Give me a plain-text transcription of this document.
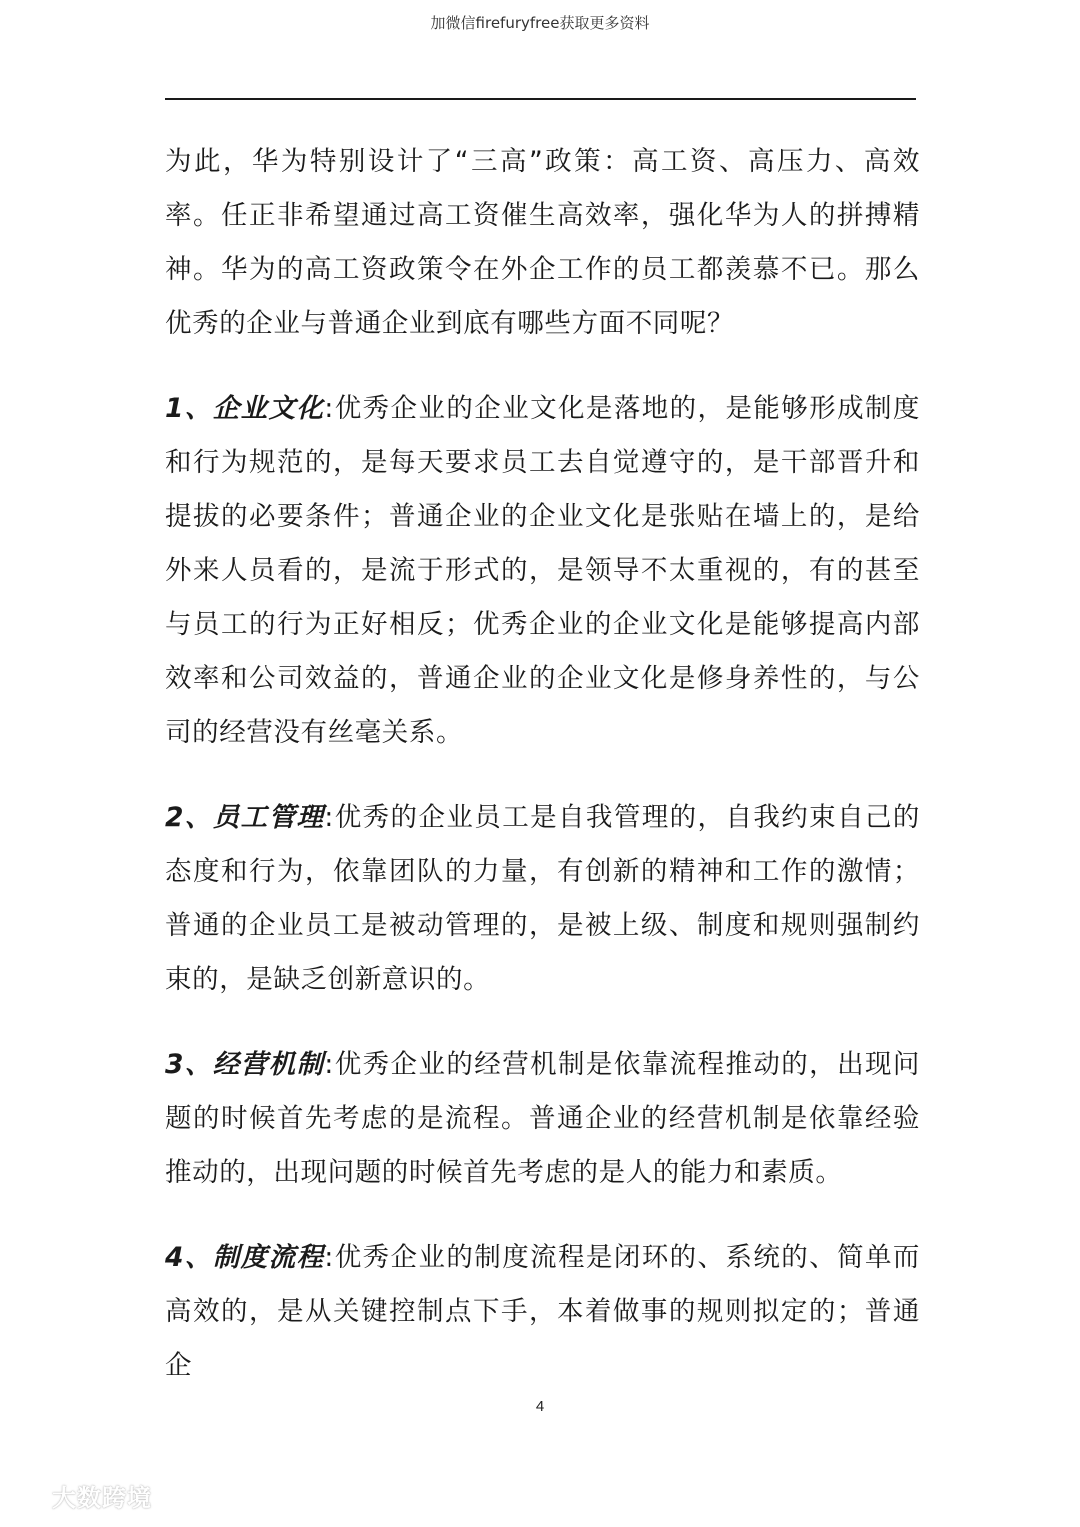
加微信firefuryfree获取更多资料

为此，华为特别设计了“三高”政策：高工资、高压力、高效率。任正非希望通过高工资催生高效率，强化华为人的拼搏精神。华为的高工资政策令在外企工作的员工都羡慕不已。那么优秀的企业与普通企业到底有哪些方面不同呢？

1、企业文化:优秀企业的企业文化是落地的，是能够形成制度和行为规范的，是每天要求员工去自觉遵守的，是干部晋升和提拔的必要条件；普通企业的企业文化是张贴在墙上的，是给外来人员看的，是流于形式的，是领导不太重视的，有的甚至与员工的行为正好相反；优秀企业的企业文化是能够提高内部效率和公司效益的，普通企业的企业文化是修身养性的，与公司的经营没有丝毫关系。

2、员工管理:优秀的企业员工是自我管理的，自我约束自己的态度和行为，依靠团队的力量，有创新的精神和工作的激情；普通的企业员工是被动管理的，是被上级、制度和规则强制约束的，是缺乏创新意识的。

3、经营机制:优秀企业的经营机制是依靠流程推动的，出现问题的时候首先考虑的是流程。普通企业的经营机制是依靠经验推动的，出现问题的时候首先考虑的是人的能力和素质。

4、制度流程:优秀企业的制度流程是闭环的、系统的、简单而高效的，是从关键控制点下手，本着做事的规则拟定的；普通企

4
大数跨境
